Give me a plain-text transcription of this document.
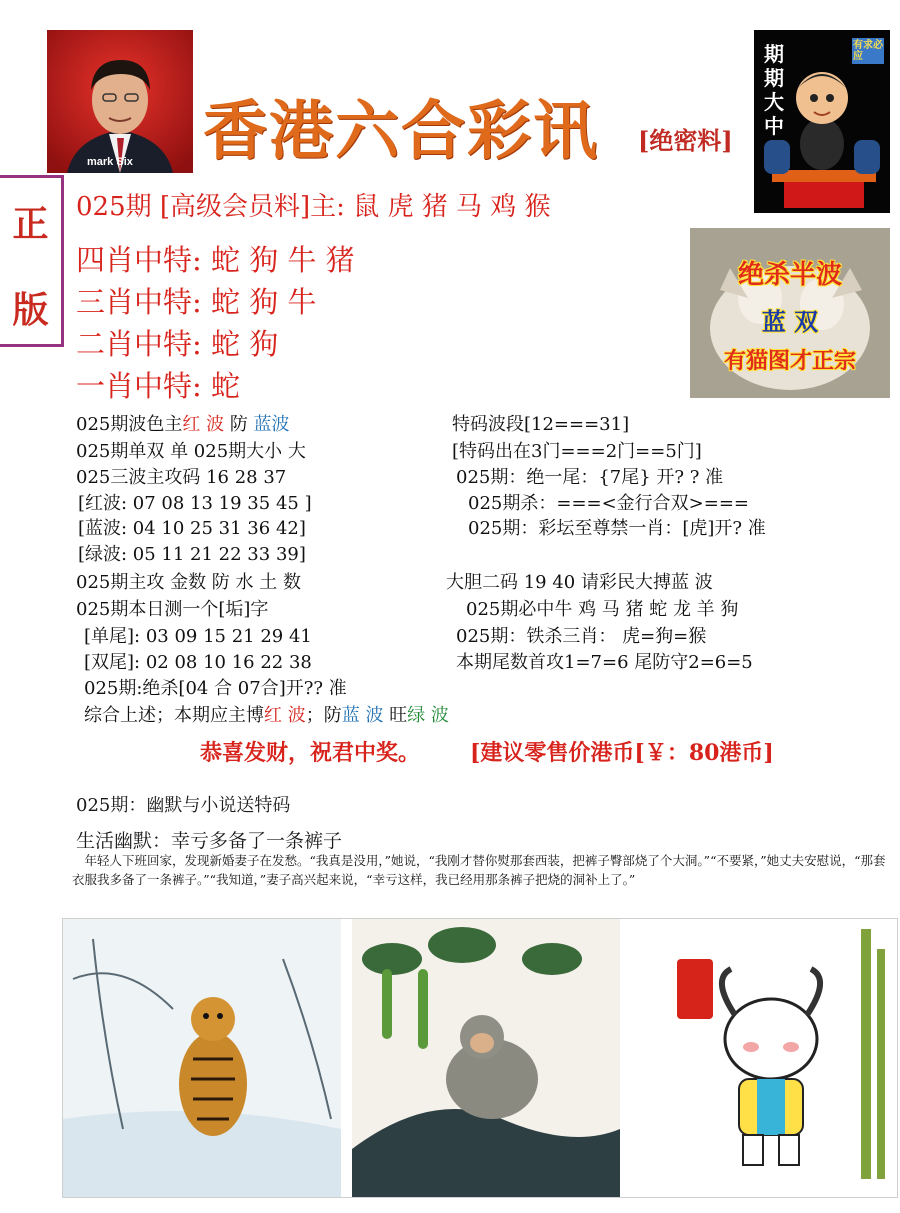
mark Six 香港六合彩讯 [绝密料]
期期大中
有求必应
正
版
025期 [高级会员料]主: 鼠 虎 猪 马 鸡 猴
四肖中特: 蛇 狗 牛 猪
三肖中特: 蛇 狗 牛
二肖中特: 蛇 狗
一肖中特: 蛇
绝杀半波
蓝 双
有猫图才正宗
025期波色主红 波 防 蓝波
025期单双 单 025期大小 大
025三波主攻码 16 28 37
[红波: 07 08 13 19 35 45 ]
[蓝波: 04 10 25 31 36 42]
[绿波: 05 11 21 22 33 39]
025期主攻 金数 防 水 土 数
025期本日测一个[垢]字
[单尾]: 03 09 15 21 29 41
[双尾]: 02 08 10 16 22 38
025期:绝杀[04 合 07合]开?? 准
综合上述；本期应主博红 波；防蓝 波 旺绿 波
特码波段[12===31]
[特码出在3门===2门==5门]
025期：绝一尾：{7尾} 开? ? 准
025期杀：===<金行合双>===
025期：彩坛至尊禁一肖：[虎]开? 准
大胆二码 19 40 请彩民大搏蓝 波
025期必中牛 鸡 马 猪 蛇 龙 羊 狗
025期：铁杀三肖： 虎=狗=猴
本期尾数首攻1=7=6 尾防守2=6=5
恭喜发财，祝君中奖。 [建议零售价港币[￥：80港币]
025期：幽默与小说送特码
生活幽默：幸亏多备了一条裤子
年轻人下班回家，发现新婚妻子在发愁。“我真是没用，”她说，“我刚才替你熨那套西装，把裤子臀部烧了个大洞。”“不要紧，”她丈夫安慰说，“那套衣服我多备了一条裤子。”“我知道，”妻子高兴起来说，“幸亏这样，我已经用那条裤子把烧的洞补上了。”
